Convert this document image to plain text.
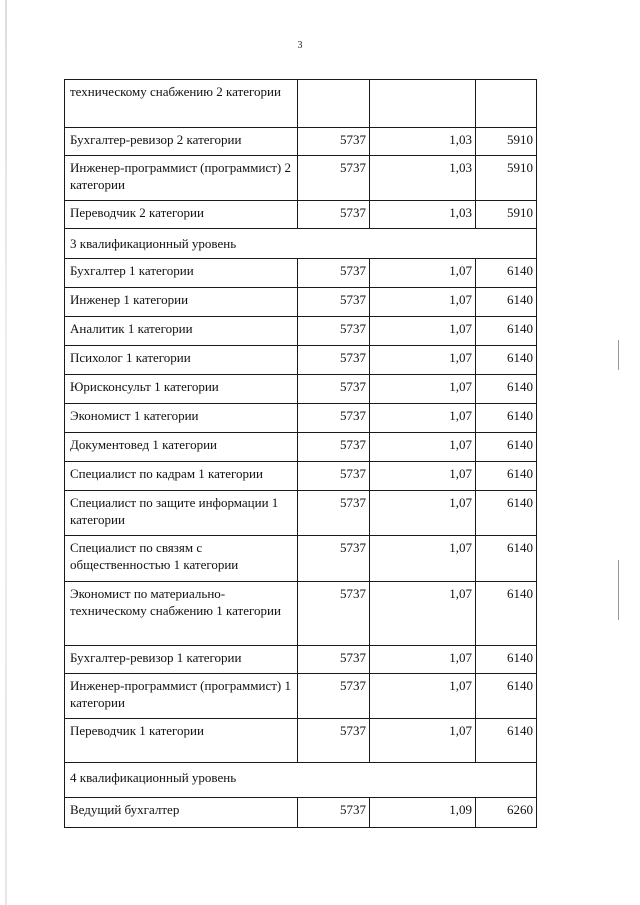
3
техническому снабжению 2 категории			
Бухгалтер-ревизор 2 категории	5737	1,03	5910
Инженер-программист (программист) 2 категории	5737	1,03	5910
Переводчик 2 категории	5737	1,03	5910
3 квалификационный уровень			
Бухгалтер 1 категории	5737	1,07	6140
Инженер 1 категории	5737	1,07	6140
Аналитик 1 категории	5737	1,07	6140
Психолог 1 категории	5737	1,07	6140
Юрисконсульт 1 категории	5737	1,07	6140
Экономист 1 категории	5737	1,07	6140
Документовед 1 категории	5737	1,07	6140
Специалист по кадрам 1 категории	5737	1,07	6140
Специалист по защите информации 1 категории	5737	1,07	6140
Специалист по связям с общественностью 1 категории	5737	1,07	6140
Экономист по материально-техническому снабжению 1 категории	5737	1,07	6140
Бухгалтер-ревизор 1 категории	5737	1,07	6140
Инженер-программист (программист) 1 категории	5737	1,07	6140
Переводчик 1 категории	5737	1,07	6140
4 квалификационный уровень			
Ведущий бухгалтер	5737	1,09	6260
